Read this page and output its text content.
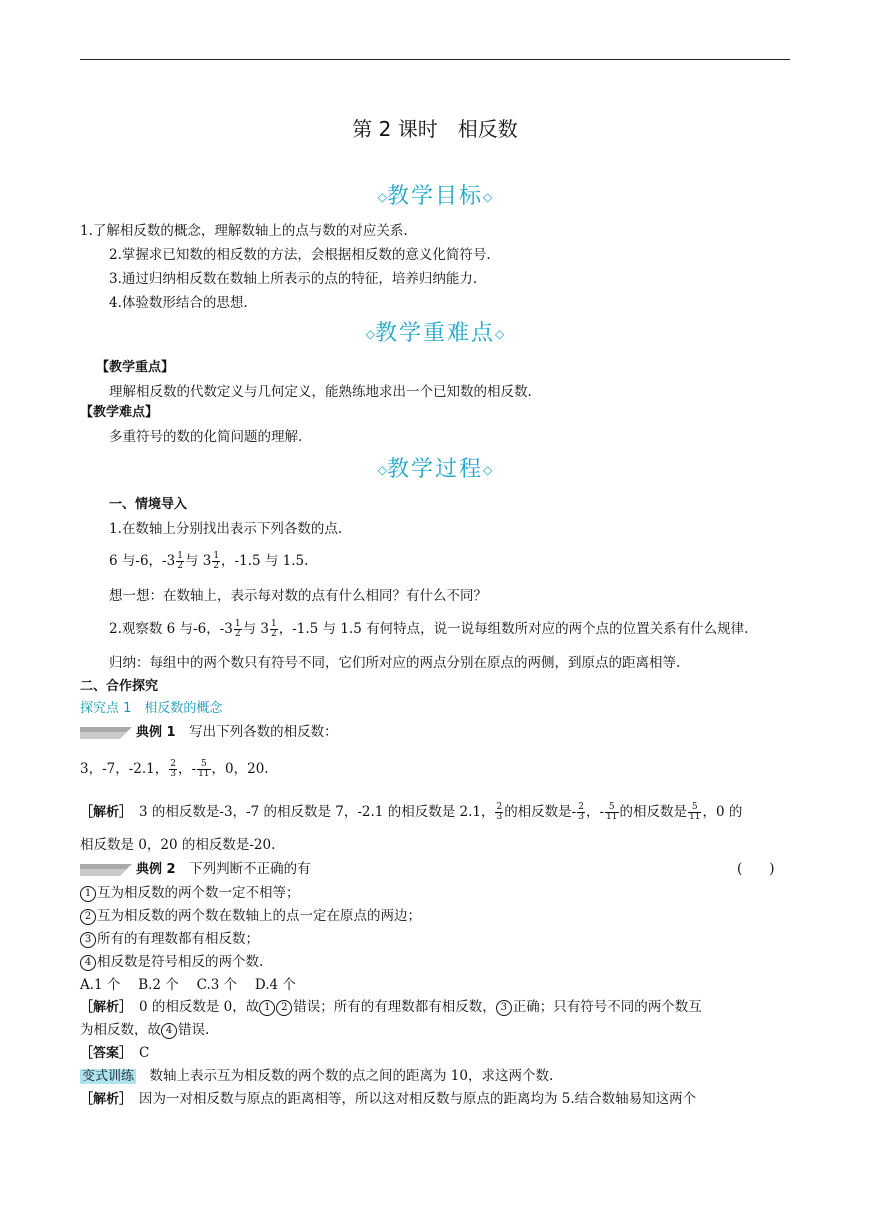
第 2 课时　相反数
◇教学目标◇
1.了解相反数的概念，理解数轴上的点与数的对应关系.
2.掌握求已知数的相反数的方法，会根据相反数的意义化简符号.
3.通过归纳相反数在数轴上所表示的点的特征，培养归纳能力.
4.体验数形结合的思想.
◇教学重难点◇
【教学重点】
理解相反数的代数定义与几何定义，能熟练地求出一个已知数的相反数.
【教学难点】
多重符号的数的化简问题的理解.
◇教学过程◇
一、情境导入
1.在数轴上分别找出表示下列各数的点.
6 与-6，$-3 \frac{1}{2}$ 与 $3 \frac{1}{2}$ ，-1.5 与 1.5.
想一想：在数轴上，表示每对数的点有什么相同？有什么不同？
2.观察数 6 与-6，$-3 \frac{1}{2}$ 与 $3 \frac{1}{2}$ ，-1.5 与 1.5 有何特点，说一说每组数所对应的两个点的位置关系有什么规律.
归纳：每组中的两个数只有符号不同，它们所对应的两点分别在原点的两侧，到原点的距离相等.
二、合作探究
探究点 1　相反数的概念
典例 1　 写出下列各数的相反数：
3，-7，-2.1， $\frac{2}{3}$ ，- $\frac{5}{11}$ ，0，20.
［解析］　 3 的相反数是-3，-7 的相反数是 7，-2.1 的相反数是 2.1， $\frac{2}{3}$ 的相反数是- $\frac{2}{3}$ ，- $\frac{5}{11}$ 的相反数是 $\frac{5}{11}$ ，0 的
相反数是 0，20 的相反数是-20.
典例 2　 下列判断不正确的有	(　　)
1 互为相反数的两个数一定不相等；
2 互为相反数的两个数在数轴上的点一定在原点的两边；
3 所有的有理数都有相反数；
4 相反数是符号相反的两个数.
A.1 个　 B.2 个　 C.3 个　 D.4 个
［解析］　 0 的相反数是 0，故 1 2 错误；所有的有理数都有相反数， 3 正确；只有符号不同的两个数互
为相反数，故 4 错误.
［答案］　 C
变式训练　 数轴上表示互为相反数的两个数的点之间的距离为 10，求这两个数.
［解析］　 因为一对相反数与原点的距离相等，所以这对相反数与原点的距离均为 5.结合数轴易知这两个
